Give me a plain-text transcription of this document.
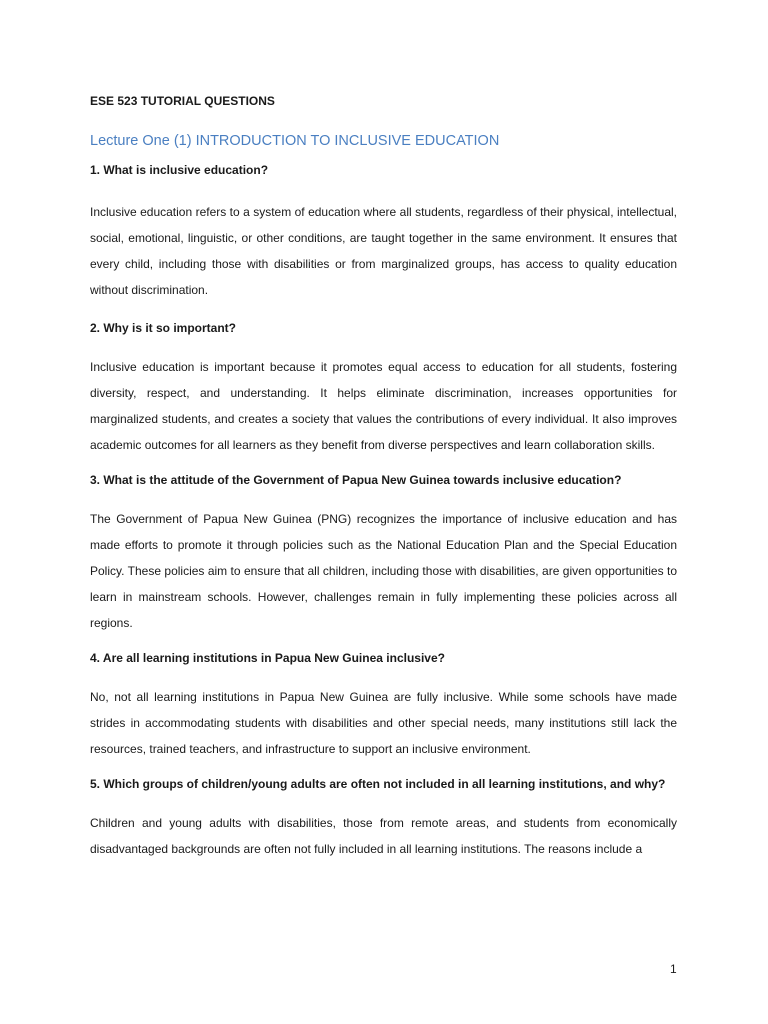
ESE 523 TUTORIAL QUESTIONS
Lecture One (1) INTRODUCTION TO INCLUSIVE EDUCATION

1. What is inclusive education?

Inclusive education refers to a system of education where all students, regardless of their physical, intellectual, social, emotional, linguistic, or other conditions, are taught together in the same environment. It ensures that every child, including those with disabilities or from marginalized groups, has access to quality education without discrimination.

2. Why is it so important?

Inclusive education is important because it promotes equal access to education for all students, fostering diversity, respect, and understanding. It helps eliminate discrimination, increases opportunities for marginalized students, and creates a society that values the contributions of every individual. It also improves academic outcomes for all learners as they benefit from diverse perspectives and learn collaboration skills.

3. What is the attitude of the Government of Papua New Guinea towards inclusive education?

The Government of Papua New Guinea (PNG) recognizes the importance of inclusive education and has made efforts to promote it through policies such as the National Education Plan and the Special Education Policy. These policies aim to ensure that all children, including those with disabilities, are given opportunities to learn in mainstream schools. However, challenges remain in fully implementing these policies across all regions.

4. Are all learning institutions in Papua New Guinea inclusive?

No, not all learning institutions in Papua New Guinea are fully inclusive. While some schools have made strides in accommodating students with disabilities and other special needs, many institutions still lack the resources, trained teachers, and infrastructure to support an inclusive environment.

5. Which groups of children/young adults are often not included in all learning institutions, and why?

Children and young adults with disabilities, those from remote areas, and students from economically disadvantaged backgrounds are often not fully included in all learning institutions. The reasons include a

1
